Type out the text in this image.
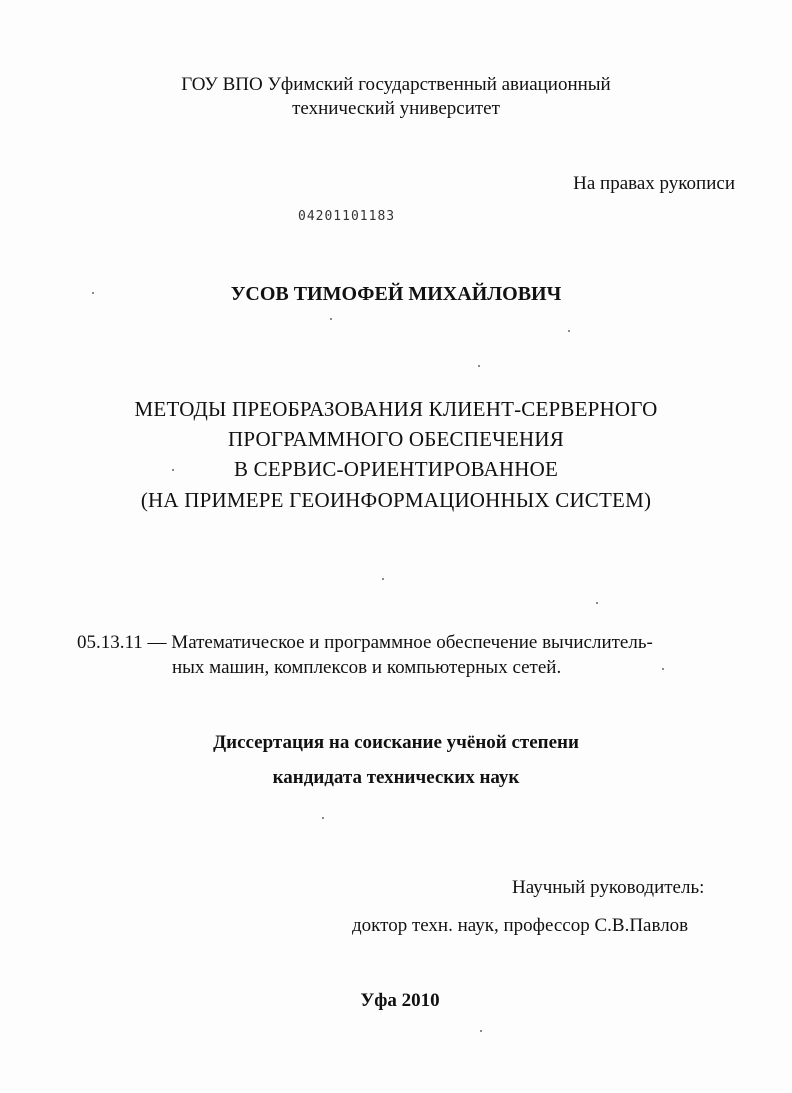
ГОУ ВПО Уфимский государственный авиационный
технический университет
На правах рукописи
04201101183
УСОВ ТИМОФЕЙ МИХАЙЛОВИЧ
МЕТОДЫ ПРЕОБРАЗОВАНИЯ КЛИЕНТ-СЕРВЕРНОГО
ПРОГРАММНОГО ОБЕСПЕЧЕНИЯ
В СЕРВИС-ОРИЕНТИРОВАННОЕ
(НА ПРИМЕРЕ ГЕОИНФОРМАЦИОННЫХ СИСТЕМ)
05.13.11 — Математическое и программное обеспечение вычислитель-
ных машин, комплексов и компьютерных сетей.
Диссертация на соискание учёной степени
кандидата технических наук
Научный руководитель:
доктор техн. наук, профессор С.В.Павлов
Уфа 2010
